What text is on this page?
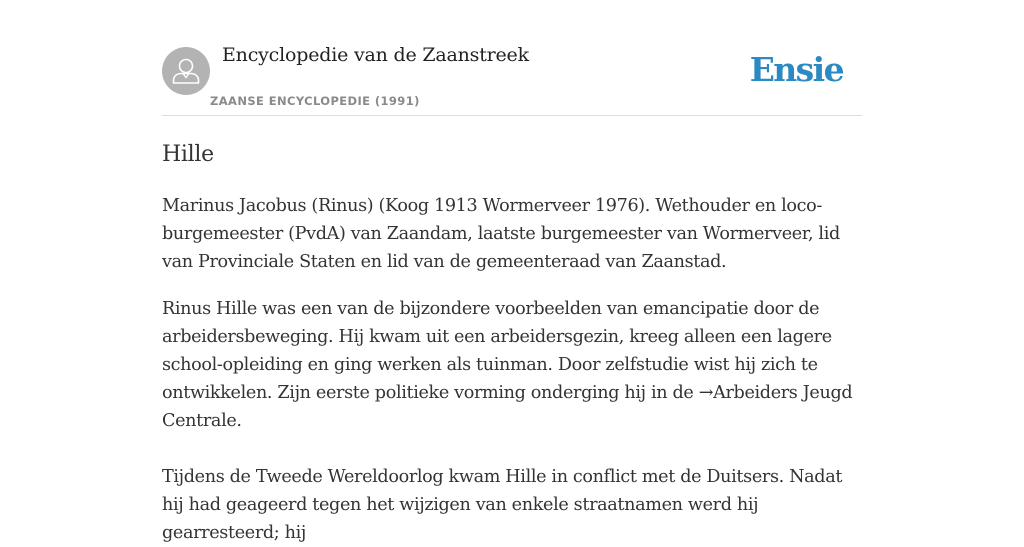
Encyclopedie van de Zaanstreek
ZAANSE ENCYCLOPEDIE (1991)
Ensie
Hille

Marinus Jacobus (Rinus) (Koog 1913 Wormerveer 1976). Wethouder en loco-burgemeester (PvdA) van Zaandam, laatste burgemeester van Wormerveer, lid van Provinciale Staten en lid van de gemeenteraad van Zaanstad.

Rinus Hille was een van de bijzondere voorbeelden van emancipatie door de arbeidersbeweging. Hij kwam uit een arbeidersgezin, kreeg alleen een lagere school-opleiding en ging werken als tuinman. Door zelfstudie wist hij zich te ontwikkelen. Zijn eerste politieke vorming onderging hij in de →Arbeiders Jeugd Centrale.

Tijdens de Tweede Wereldoorlog kwam Hille in conflict met de Duitsers. Nadat hij had geageerd tegen het wijzigen van enkele straatnamen werd hij gearresteerd; hij
